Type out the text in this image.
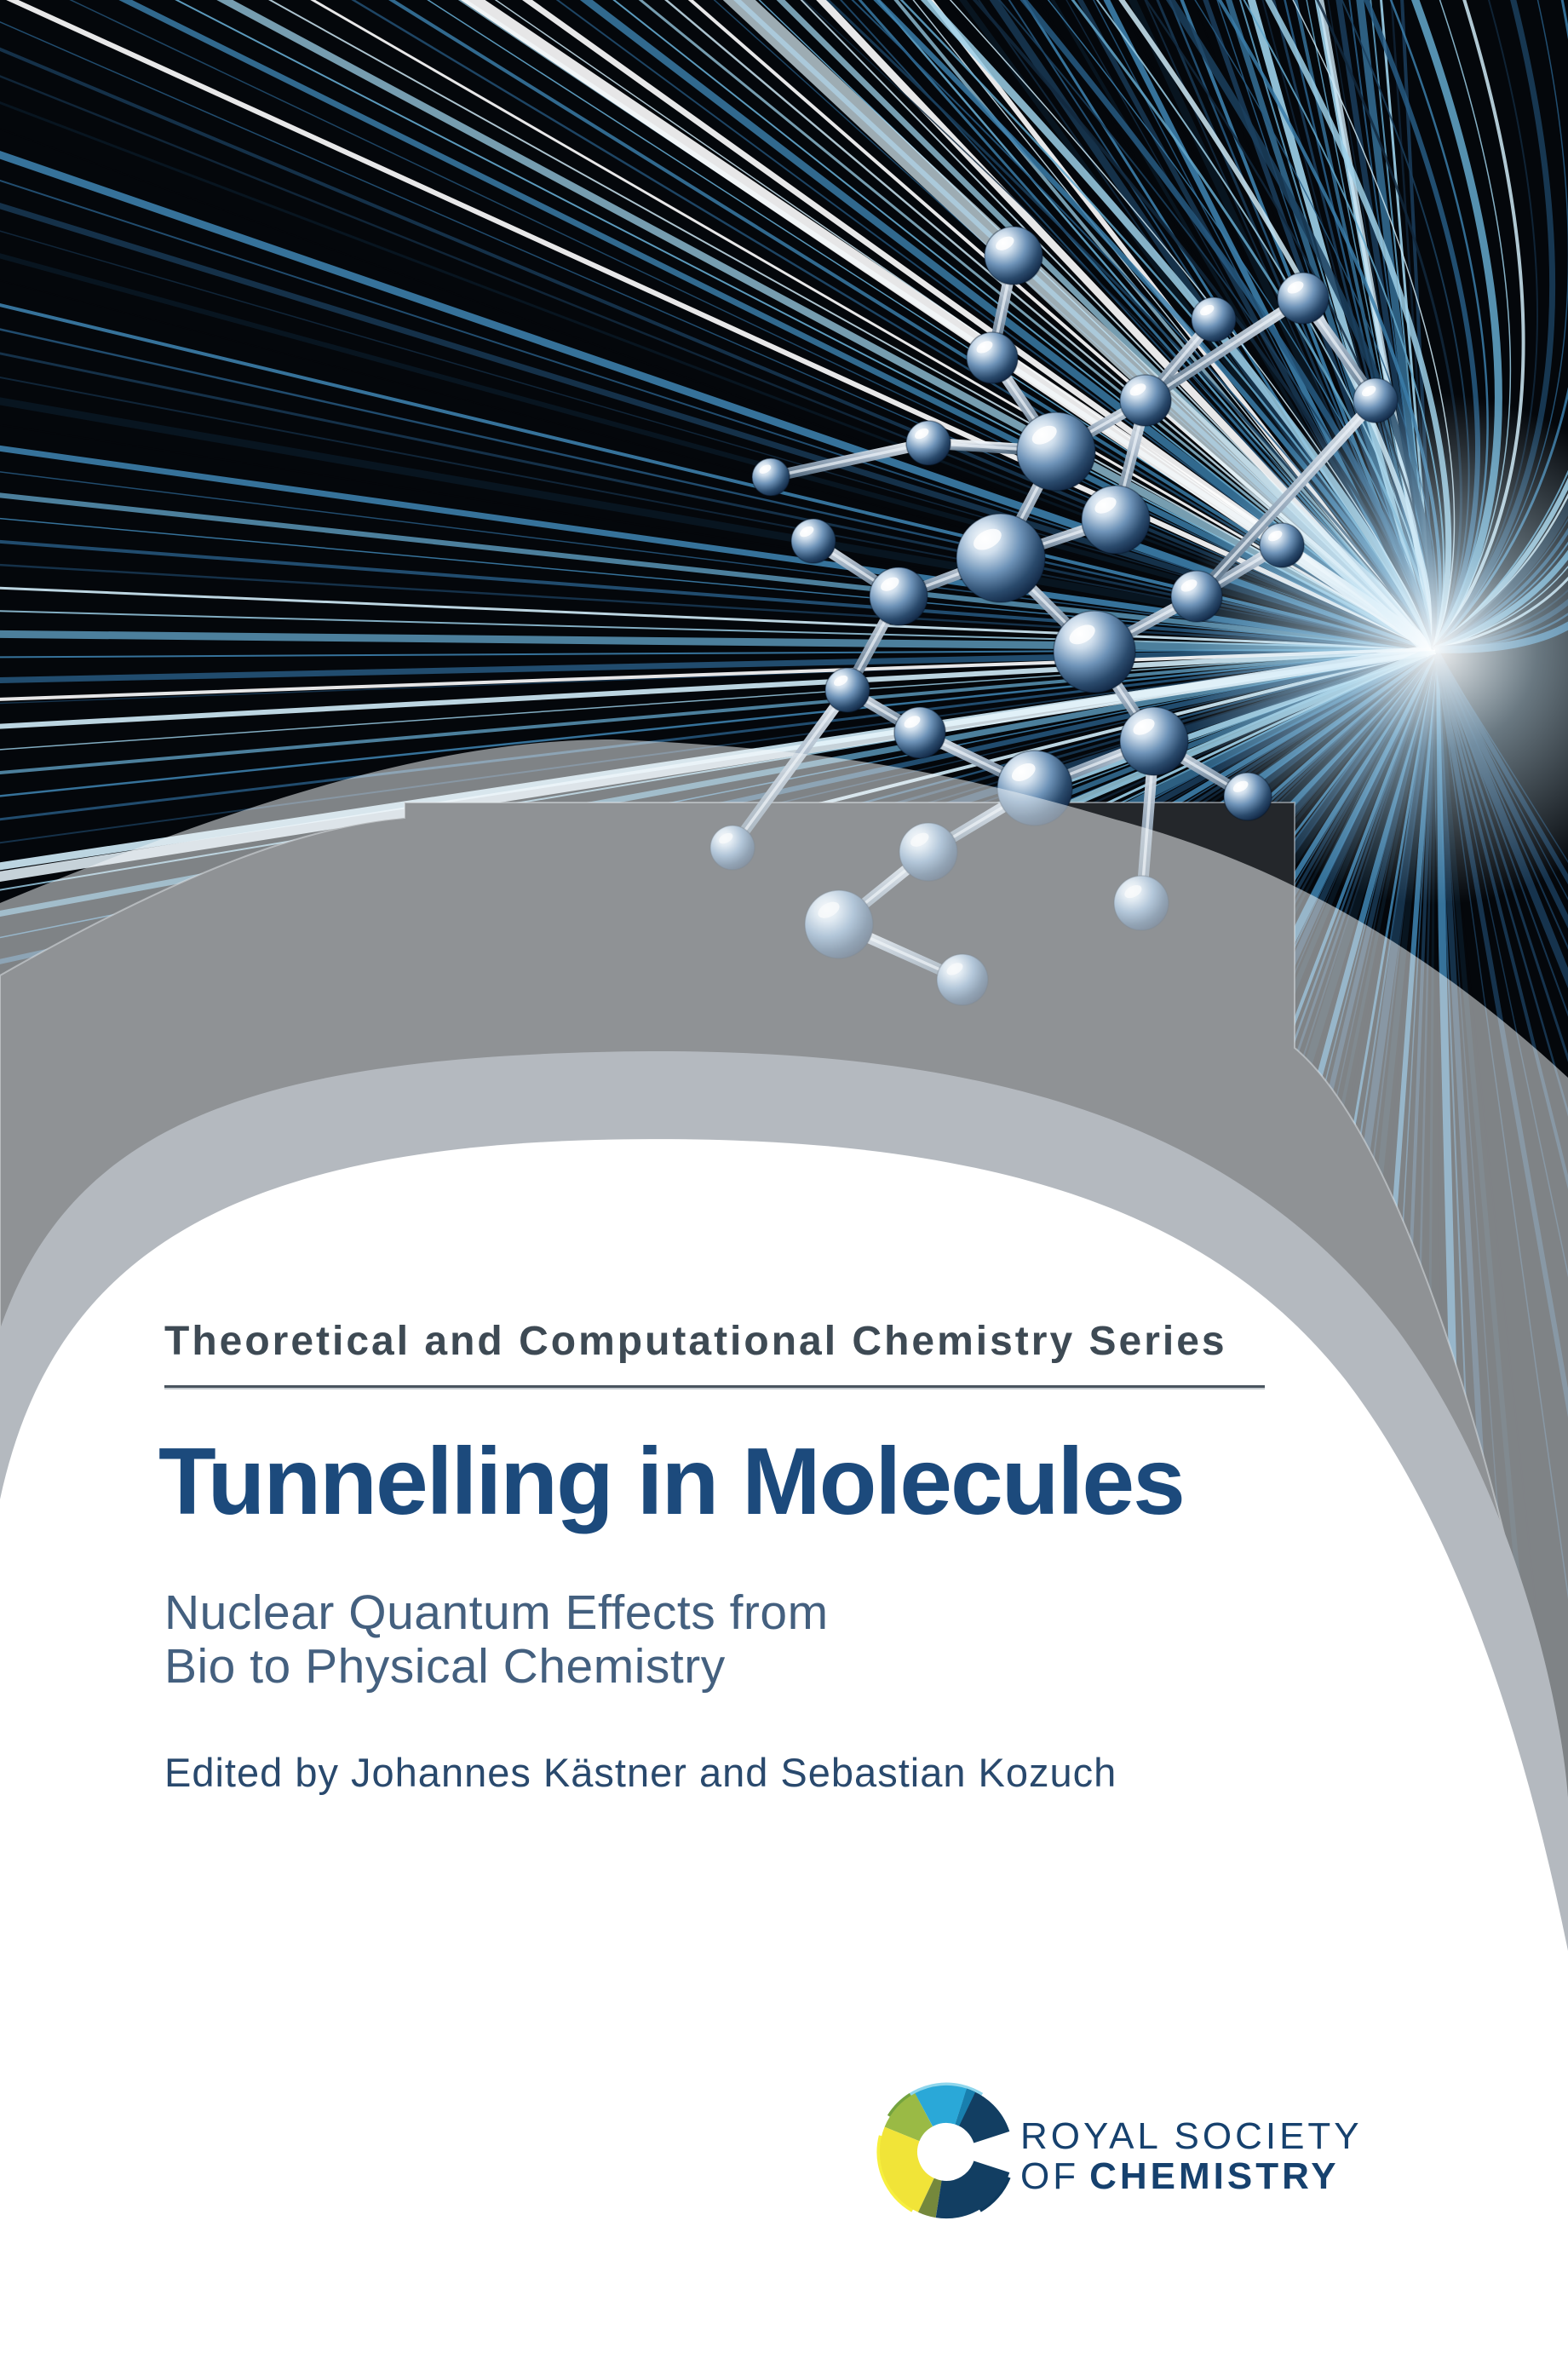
Theoretical and Computational Chemistry Series
Tunnelling in Molecules
Nuclear Quantum Effects from
Bio to Physical Chemistry
Edited by Johannes Kästner and Sebastian Kozuch
ROYAL SOCIETY
OF CHEMISTRY
